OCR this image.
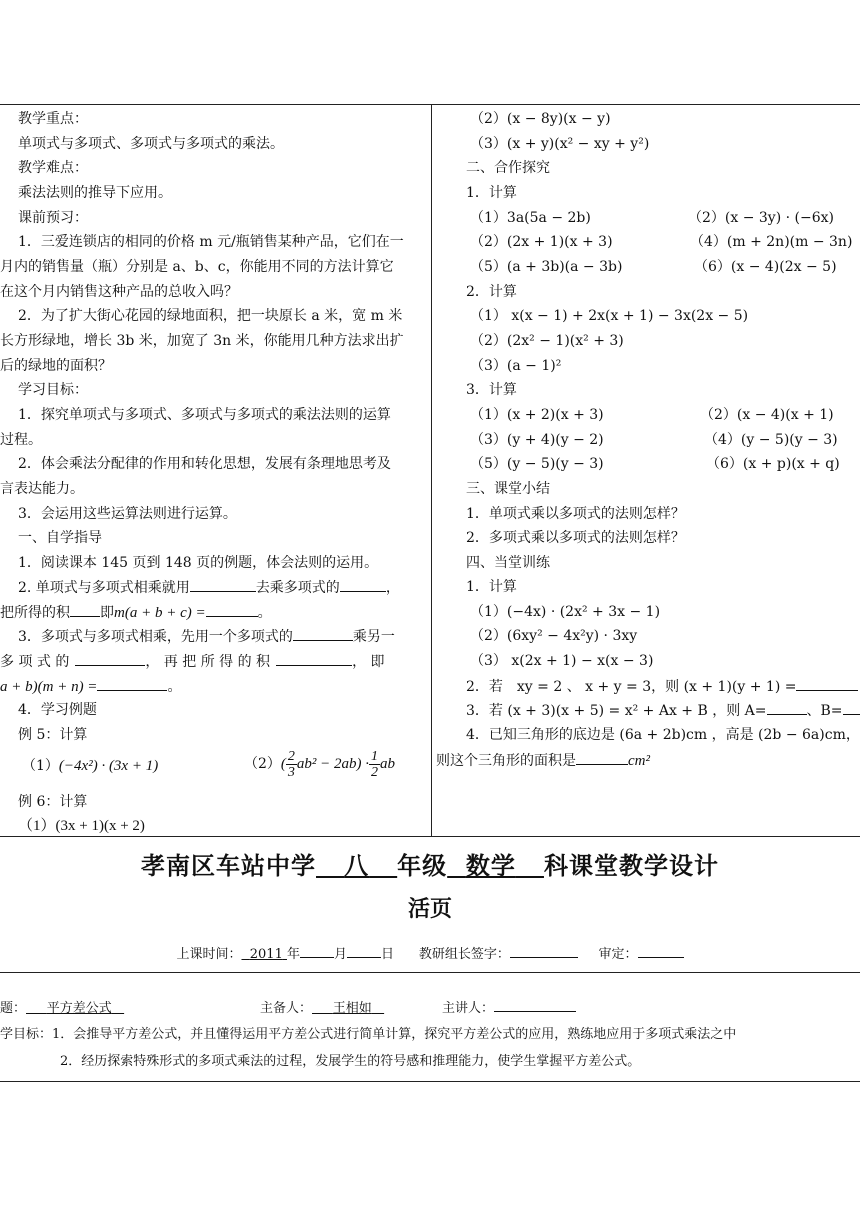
教学重点：
单项式与多项式、多项式与多项式的乘法。
教学难点：
乘法法则的推导下应用。
课前预习：
1．三爱连锁店的相同的价格 m 元/瓶销售某种产品，它们在一
月内的销售量（瓶）分别是 a、b、c，你能用不同的方法计算它
在这个月内销售这种产品的总收入吗？
2．为了扩大街心花园的绿地面积，把一块原长 a 米，宽 m 米
长方形绿地，增长 3b 米，加宽了 3n 米，你能用几种方法求出扩
后的绿地的面积？
学习目标：
1．探究单项式与多项式、多项式与多项式的乘法法则的运算
过程。
2．体会乘法分配律的作用和转化思想，发展有条理地思考及
言表达能力。
3．会运用这些运算法则进行运算。
一、自学指导
1．阅读课本 145 页到 148 页的例题，体会法则的运用。
2. 单项式与多项式相乘就用	去乘多项式的	，
把所得的积 即m(a + b + c) =	。
3．多项式与多项式相乘，先用一个多项式的	乘另一
多 项 式 的	， 再 把 所 得 的 积	， 即
a + b)(m + n) =	。
4．学习例题
例 5：计算
（1）(−4x²) · (3x + 1)	$(2)( \frac{2}{3} ab^2 - 2ab) \cdot \frac{1}{2}$ ab
例 6：计算
（1）(3x + 1)(x + 2)
（2）(x − 8y)(x − y)
（3）(x + y)(x² − xy + y²)
二、合作探究
1．计算
（1）3a(5a − 2b)	（2）(x − 3y) · (−6x)
（2）(2x + 1)(x + 3)	（4）(m + 2n)(m − 3n)
（5）(a + 3b)(a − 3b)	（6）(x − 4)(2x − 5)
2．计算
（1） x(x − 1) + 2x(x + 1) − 3x(2x − 5)
（2）(2x² − 1)(x² + 3)
（3）(a − 1)²
3．计算
（1）(x + 2)(x + 3)	（2）(x − 4)(x + 1)
（3）(y + 4)(y − 2)	（4）(y − 5)(y − 3)
（5）(y − 5)(y − 3)	（6）(x + p)(x + q)
三、课堂小结
1．单项式乘以多项式的法则怎样？
2．多项式乘以多项式的法则怎样？
四、当堂训练
1．计算
（1）(−4x) · (2x² + 3x − 1)
（2）(6xy² − 4x²y) · 3xy
（3） x(2x + 1) − x(x − 3)
2．若　xy = 2 、 x + y = 3，则 (x + 1)(y + 1) =
3．若 (x + 3)(x + 5) = x² + Ax + B ，则 A=	、B=
4．已知三角形的底边是 (6a + 2b)cm ，高是 (2b − 6a)cm，
则这个三角形的面积是	cm²
孝南区车站中学 八 年级 数学 科课堂教学设计
活页
上课时间： 2011 年	月	日 教研组长签字：	审定：
题： 平方差公式	主备人： 王相如	主讲人：
学目标：1．会推导平方差公式，并且懂得运用平方差公式进行简单计算，探究平方差公式的应用，熟练地应用于多项式乘法之中
2．经历探索特殊形式的多项式乘法的过程，发展学生的符号感和推理能力，使学生掌握平方差公式。
